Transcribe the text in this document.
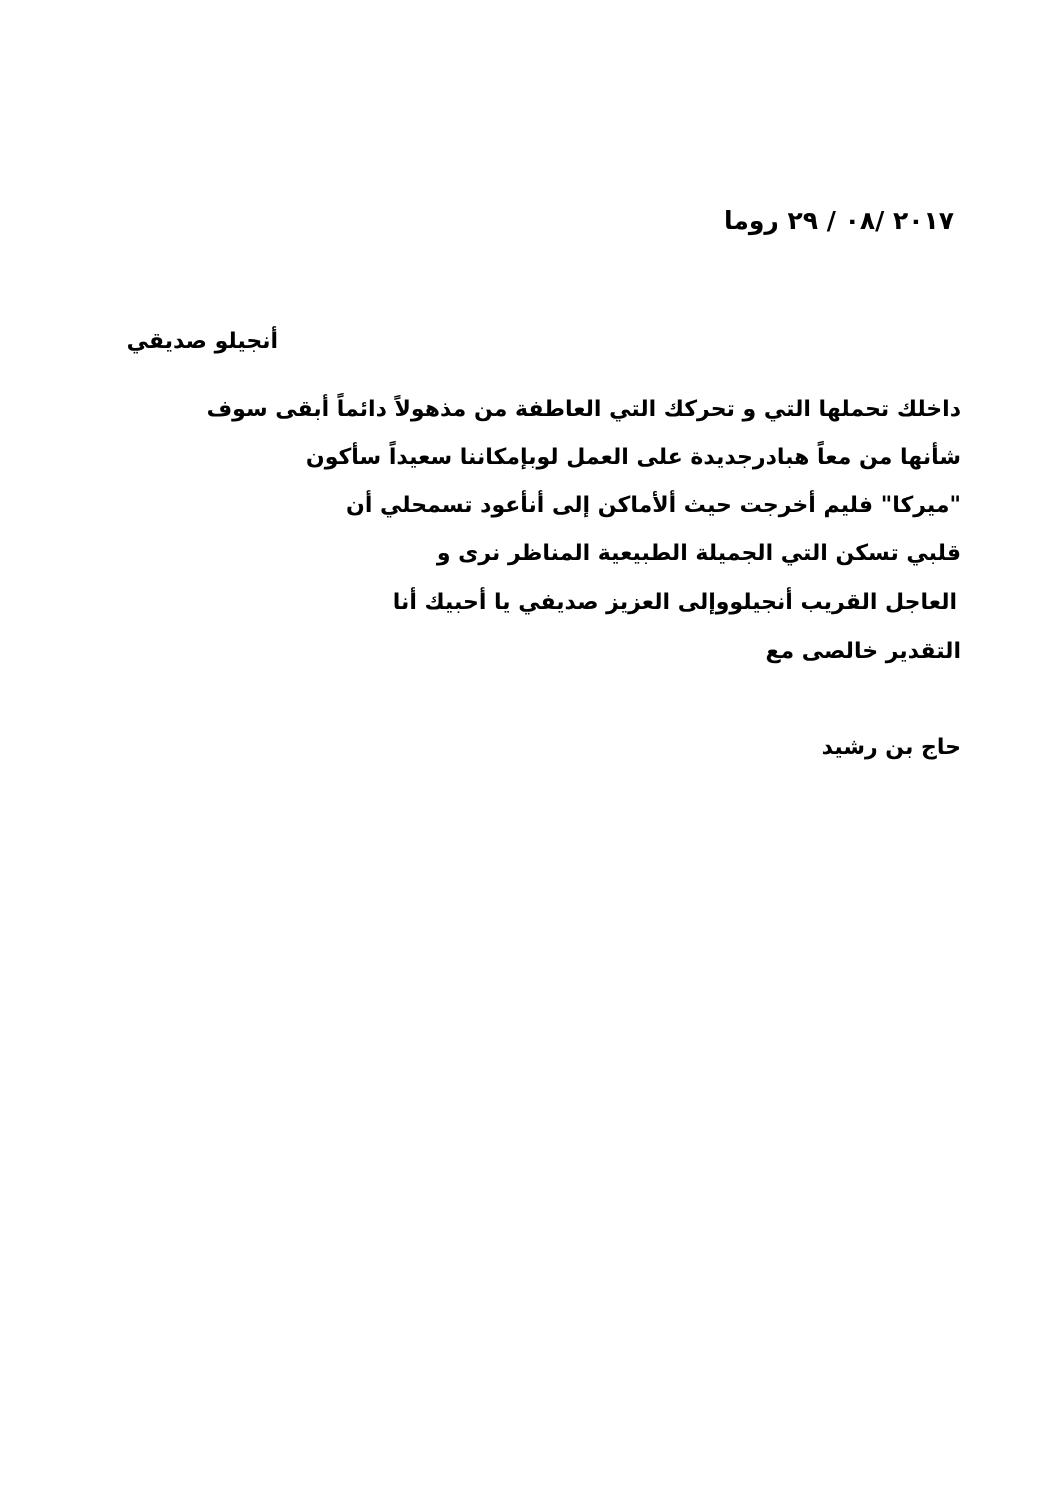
٢٠١٧ /٠٨ / ٢٩ روما
أنجيلو صديقي
داخلك تحملها التي و تحركك التي العاطفة من مذهولاً دائماً أبقى سوف
شأنها من معاً هبادرجديدة على العمل لوبإمكاننا سعيداً سأكون
"ميركا" فليم أخرجت حيث ألأماكن إلى أنأعود تسمحلي أن
قلبي تسكن التي الجميلة الطبيعية المناظر نرى و
العاجل القريب أنجيلووإلى العزيز صديفي يا أحبيك أنا
التقدير خالصى مع
حاج بن رشيد
